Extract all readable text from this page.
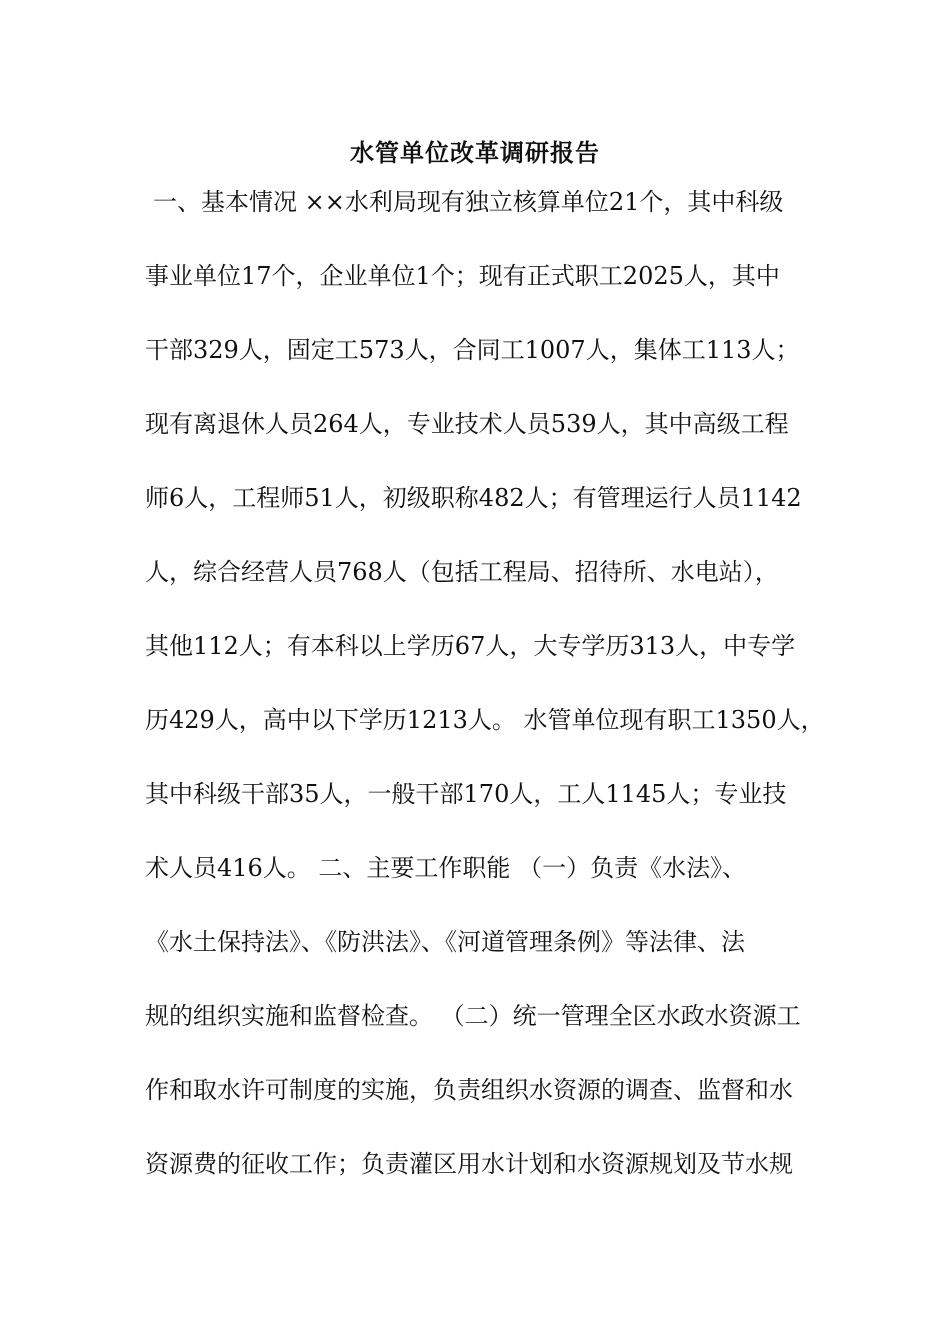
水管单位改革调研报告
一、基本情况 ××水利局现有独立核算单位21个，其中科级
事业单位17个，企业单位1个；现有正式职工2025人，其中
干部329人，固定工573人，合同工1007人，集体工113人；
现有离退休人员264人，专业技术人员539人，其中高级工程
师6人，工程师51人，初级职称482人；有管理运行人员1142
人，综合经营人员768人（包括工程局、招待所、水电站），
其他112人；有本科以上学历67人，大专学历313人，中专学
历429人，高中以下学历1213人。 水管单位现有职工1350人，
其中科级干部35人，一般干部170人，工人1145人；专业技
术人员416人。 二、主要工作职能 （一）负责《水法》、
《水土保持法》、《防洪法》、《河道管理条例》等法律、法
规的组织实施和监督检查。 （二）统一管理全区水政水资源工
作和取水许可制度的实施，负责组织水资源的调查、监督和水
资源费的征收工作；负责灌区用水计划和水资源规划及节水规
